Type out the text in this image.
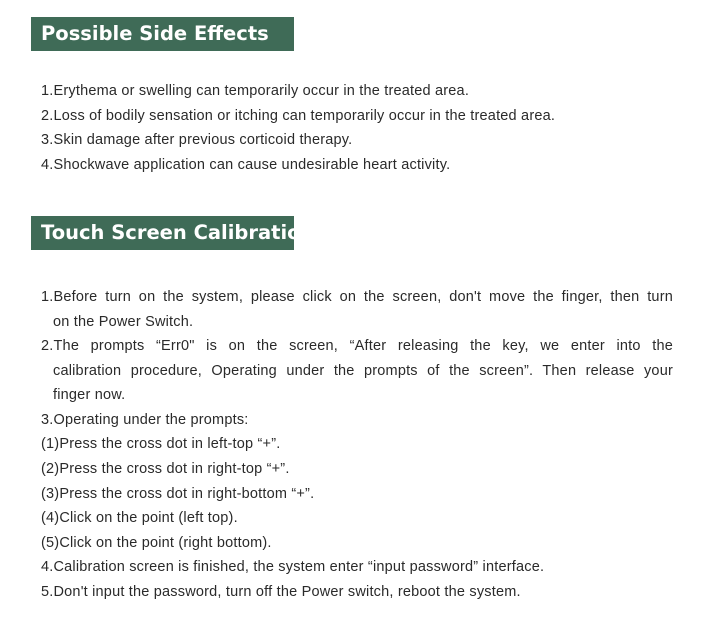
Possible Side Effects
1.Erythema or swelling can temporarily occur in the treated area.
2.Loss of bodily sensation or itching can temporarily occur in the treated area.
3.Skin damage after previous corticoid therapy.
4.Shockwave application can cause undesirable heart activity.
Touch Screen Calibration
1.Before turn on the system, please click on the screen, don't move the finger, then turn
on the Power Switch.
2.The prompts “Err0" is on the screen, “After releasing the key, we enter into the
calibration procedure, Operating under the prompts of the screen”. Then release your
finger now.
3.Operating under the prompts:
(1)Press the cross dot in left-top “+”.
(2)Press the cross dot in right-top “+”.
(3)Press the cross dot in right-bottom “+”.
(4)Click on the point (left top).
(5)Click on the point (right bottom).
4.Calibration screen is finished, the system enter “input password” interface.
5.Don't input the password, turn off the Power switch, reboot the system.
